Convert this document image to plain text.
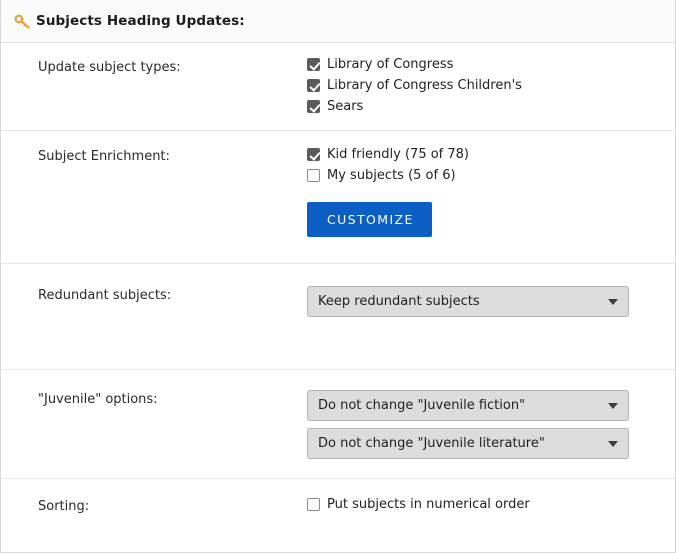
Subjects Heading Updates:
Update subject types:	Library of Congress
Library of Congress Children's
Sears
Subject Enrichment:	Kid friendly (75 of 78)
My subjects (5 of 6)
CUSTOMIZE
Redundant subjects:	Keep redundant subjects
"Juvenile" options:	Do not change "Juvenile fiction"
Do not change "Juvenile literature"
Sorting:	Put subjects in numerical order
